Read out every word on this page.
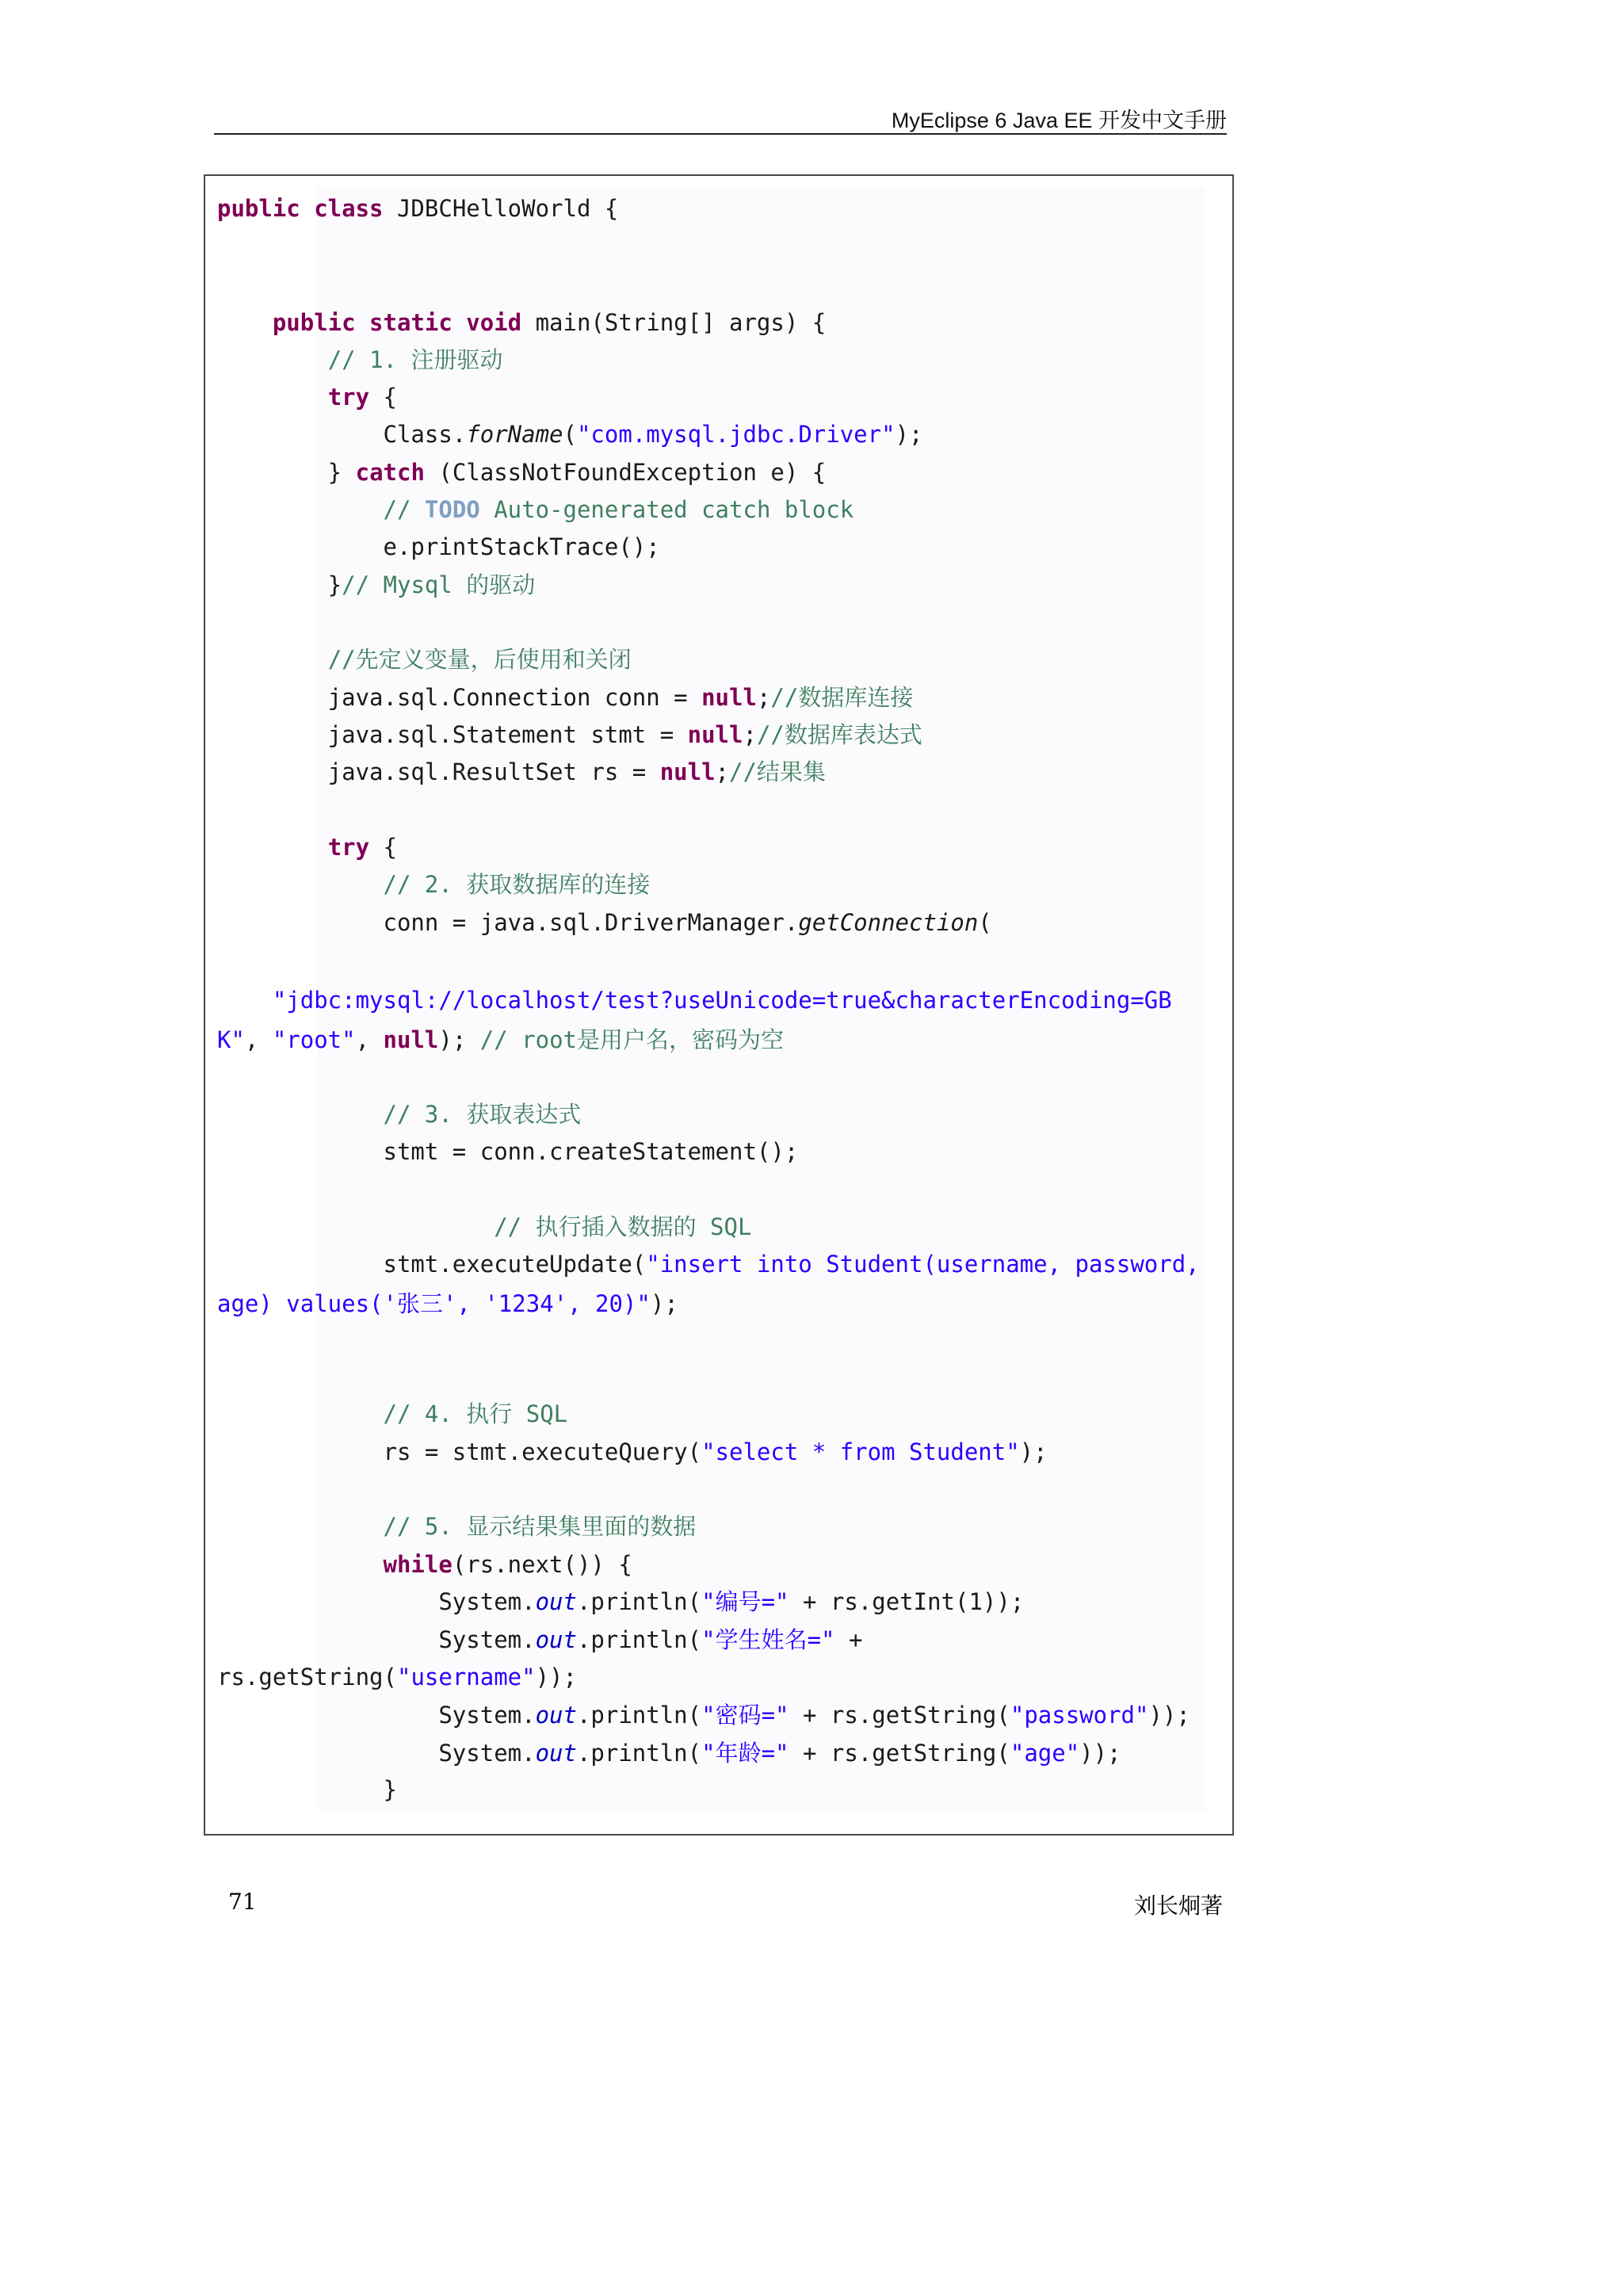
MyEclipse 6 Java EE 开发中文手册
public class JDBCHelloWorld {
public static void main(String[] args) {
// 1. 注册驱动
try {
Class.forName("com.mysql.jdbc.Driver");
} catch (ClassNotFoundException e) {
// TODO Auto-generated catch block
e.printStackTrace();
}// Mysql 的驱动
//先定义变量，后使用和关闭
java.sql.Connection conn = null;//数据库连接
java.sql.Statement stmt = null;//数据库表达式
java.sql.ResultSet rs = null;//结果集
try {
// 2. 获取数据库的连接
conn = java.sql.DriverManager.getConnection(
"jdbc:mysql://localhost/test?useUnicode=true&characterEncoding=GB
K", "root", null); // root是用户名，密码为空
// 3. 获取表达式
stmt = conn.createStatement();
// 执行插入数据的 SQL
stmt.executeUpdate("insert into Student(username, password,
age) values('张三', '1234', 20)");
// 4. 执行 SQL
rs = stmt.executeQuery("select * from Student");
// 5. 显示结果集里面的数据
while(rs.next()) {
System.out.println("编号=" + rs.getInt(1));
System.out.println("学生姓名=" +
rs.getString("username"));
System.out.println("密码=" + rs.getString("password"));
System.out.println("年龄=" + rs.getString("age"));
}
71	刘长炯著
